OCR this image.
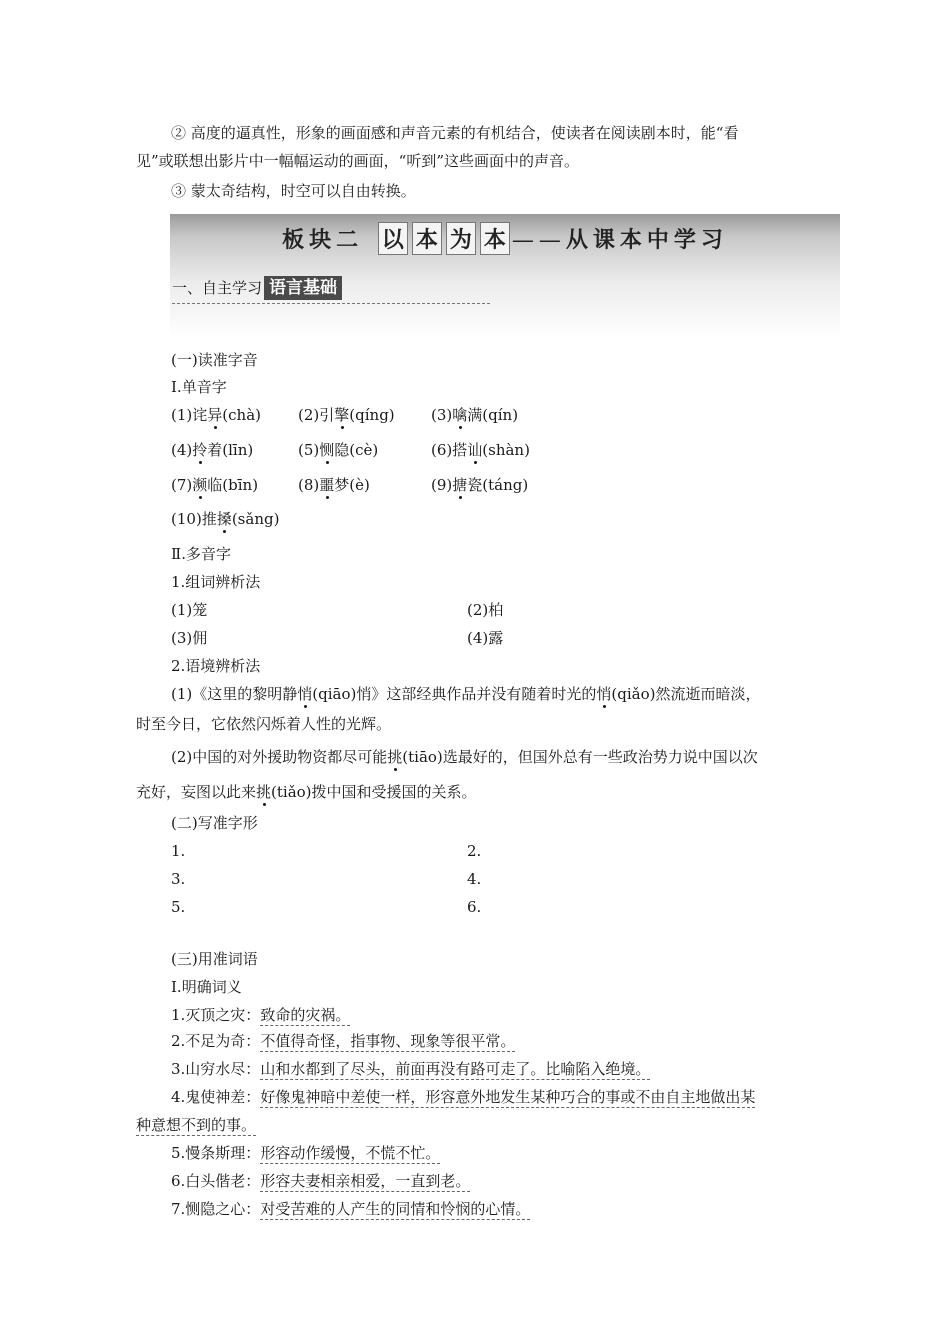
② 高度的逼真性，形象的画面感和声音元素的有机结合，使读者在阅读剧本时，能“看
见”或联想出影片中一幅幅运动的画面，“听到”这些画面中的声音。
③ 蒙太奇结构，时空可以自由转换。
板块二 以 本 为 本 ——从课本中学习
一、自主学习 语言基础
(一)读准字音
Ⅰ.单音字
(1)诧异(chà) (2)引擎(qíng) (3)噙满(qín)
(4)拎着(līn)	(5)恻隐(cè)	(6)搭讪(shàn)
(7)濒临(bīn)	(8)噩梦(è)	(9)搪瓷(táng)
(10)推搡(sǎng)
Ⅱ.多音字
1.组词辨析法
(1)笼	(2)柏
(3)佣	(4)露
2.语境辨析法
(1)《这里的黎明静悄(qiāo)悄》这部经典作品并没有随着时光的悄(qiǎo)然流逝而暗淡，
时至今日，它依然闪烁着人性的光辉。
(2)中国的对外援助物资都尽可能挑(tiāo)选最好的，但国外总有一些政治势力说中国以次
充好，妄图以此来挑(tiǎo)拨中国和受援国的关系。
(二)写准字形
1.	2.
3.	4.
5.	6.
(三)用准词语
Ⅰ.明确词义
1.灭顶之灾：致命的灾祸。
2.不足为奇：不值得奇怪，指事物、现象等很平常。
3.山穷水尽：山和水都到了尽头，前面再没有路可走了。比喻陷入绝境。
4.鬼使神差：好像鬼神暗中差使一样，形容意外地发生某种巧合的事或不由自主地做出某
种意想不到的事。
5.慢条斯理：形容动作缓慢，不慌不忙。
6.白头偕老：形容夫妻相亲相爱，一直到老。
7.恻隐之心：对受苦难的人产生的同情和怜悯的心情。
